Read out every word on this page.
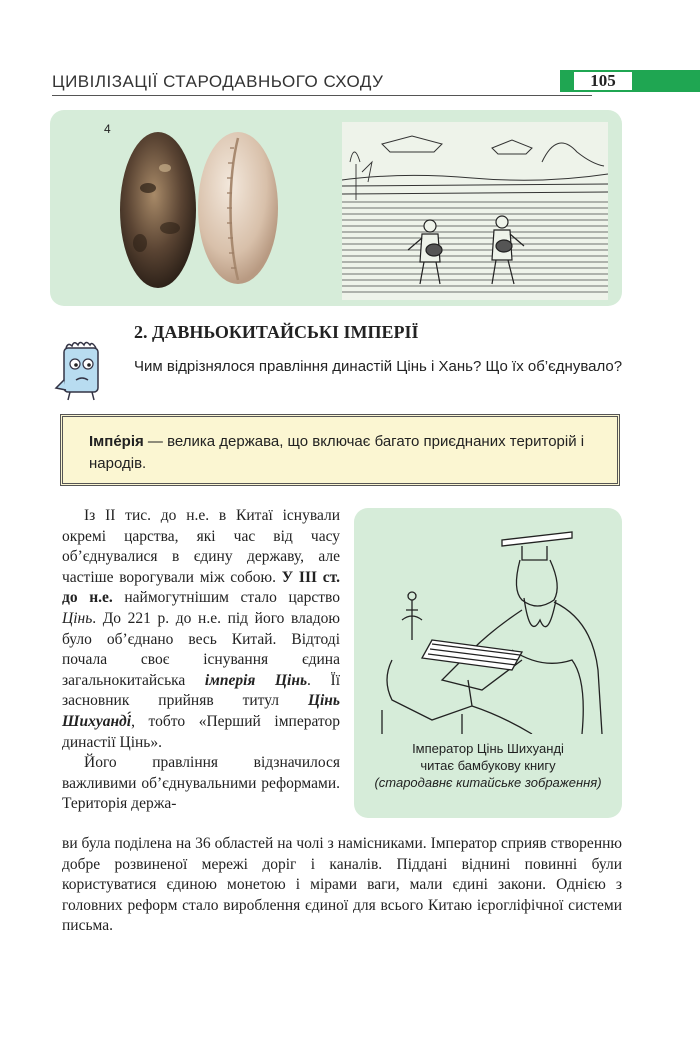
ЦИВІЛІЗАЦІЇ СТАРОДАВНЬОГО СХОДУ	105
4
2. ДАВНЬОКИТАЙСЬКІ ІМПЕРІЇ
Чим відрізнялося правління династій Цінь і Хань? Що їх об’єднувало?
Імпе́рія — велика держава, що включає багато приєднаних територій і народів.
Імператор Цінь Шихуанді
читає бамбукову книгу
(стародавнє китайське зображення)

Із ІІ тис. до н.е. в Китаї існували окремі царства, які час від часу об’єднувалися в єдину державу, але частіше ворогували між собою. У ІІІ ст. до н.е. наймогутнішим стало царство Цінь. До 221 р. до н.е. під його владою було об’єднано весь Китай. Відтоді почала своє існування єдина загальнокитайська імперія Цінь. Її засновник прийняв титул Цінь Шихуанді́, тобто «Перший імператор династії Цінь».

Його правління відзначилося важливими об’єднувальними реформами. Територія держа-

ви була поділена на 36 областей на чолі з намісниками. Імператор сприяв створенню добре розвиненої мережі доріг і каналів. Піддані віднині повинні були користуватися єдиною монетою і мірами ваги, мали єдині закони. Однією з головних реформ стало вироблення єдиної для всього Китаю ієрогліфічної системи письма.
